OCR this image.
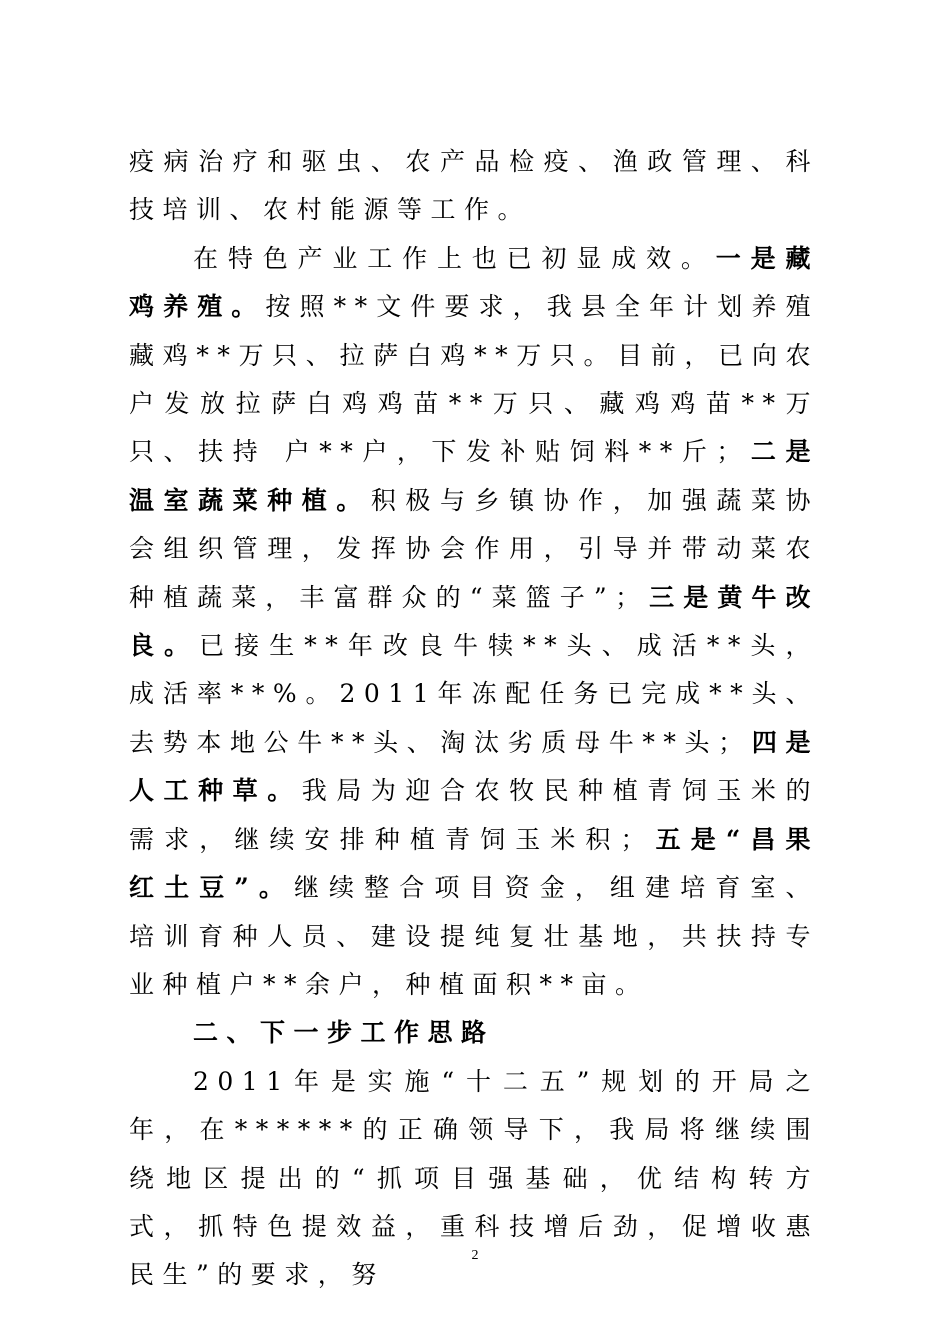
疫病治疗和驱虫、农产品检疫、渔政管理、科技培训、农村能源等工作。

在特色产业工作上也已初显成效。一是藏鸡养殖。按照**文件要求，我县全年计划养殖藏鸡**万只、拉萨白鸡**万只。目前，已向农户发放拉萨白鸡鸡苗**万只、藏鸡鸡苗**万只、扶持 户**户，下发补贴饲料**斤；二是温室蔬菜种植。积极与乡镇协作，加强蔬菜协会组织管理，发挥协会作用，引导并带动菜农种植蔬菜，丰富群众的“菜篮子”；三是黄牛改良。已接生**年改良牛犊**头、成活**头，成活率**%。2011年冻配任务已完成**头、去势本地公牛**头、淘汰劣质母牛**头；四是人工种草。我局为迎合农牧民种植青饲玉米的需求，继续安排种植青饲玉米积；五是“昌果红土豆”。继续整合项目资金，组建培育室、培训育种人员、建设提纯复壮基地，共扶持专业种植户**余户，种植面积**亩。

二、下一步工作思路

2011年是实施“十二五”规划的开局之年，在******的正确领导下，我局将继续围绕地区提出的“抓项目强基础，优结构转方式，抓特色提效益，重科技增后劲，促增收惠民生”的要求，努

2
